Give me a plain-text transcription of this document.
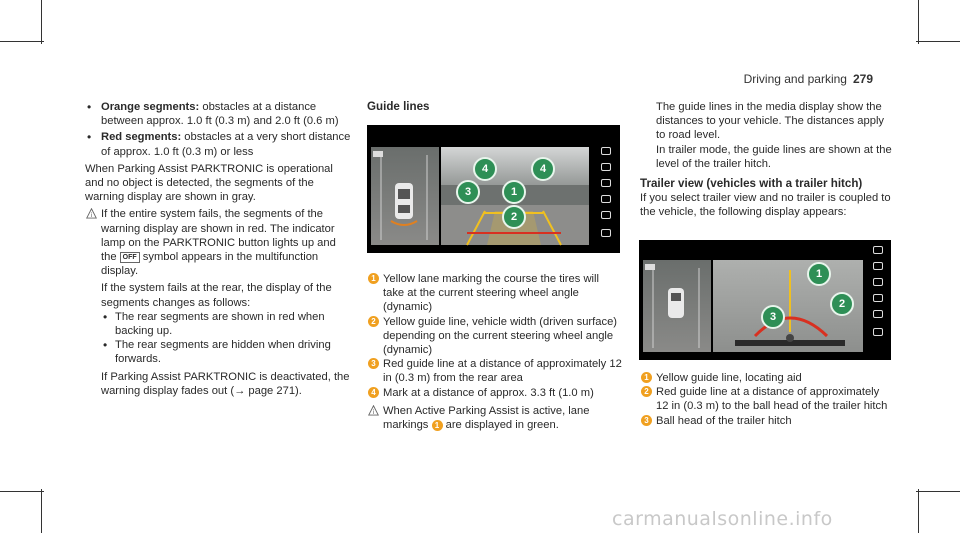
Driving and parking 279

• Orange segments: obstacles at a distance between approx. 1.0 ft (0.3 m) and 2.0 ft (0.6 m)

• Red segments: obstacles at a very short distance of approx. 1.0 ft (0.3 m) or less

When Parking Assist PARKTRONIC is operational and no object is detected, the segments of the warning display are shown in gray.

i If the entire system fails, the segments of the warning display are shown in red. The indicator lamp on the PARKTRONIC button lights up and the OFF symbol appears in the multifunction display.

If the system fails at the rear, the display of the segments changes as follows:

• The rear segments are shown in red when backing up.

• The rear segments are hidden when driving forwards.

If Parking Assist PARKTRONIC is deactivated, the warning display fades out (→ page 271).

Guide lines

4	4
1
3
2

1 Yellow lane marking the course the tires will take at the current steering wheel angle (dynamic)

2 Yellow guide line, vehicle width (driven surface) depending on the current steering wheel angle (dynamic)

3 Red guide line at a distance of approximately 12 in (0.3 m) from the rear area

4 Mark at a distance of approx. 3.3 ft (1.0 m)

i When Active Parking Assist is active, lane markings 1 are displayed in green.

The guide lines in the media display show the distances to your vehicle. The distances apply to road level.

In trailer mode, the guide lines are shown at the level of the trailer hitch.

Trailer view (vehicles with a trailer hitch)

If you select trailer view and no trailer is coupled to the vehicle, the following display appears:

1
2
3

1 Yellow guide line, locating aid

2 Red guide line at a distance of approximately 12 in (0.3 m) to the ball head of the trailer hitch

3 Ball head of the trailer hitch

carmanualsonline.info
